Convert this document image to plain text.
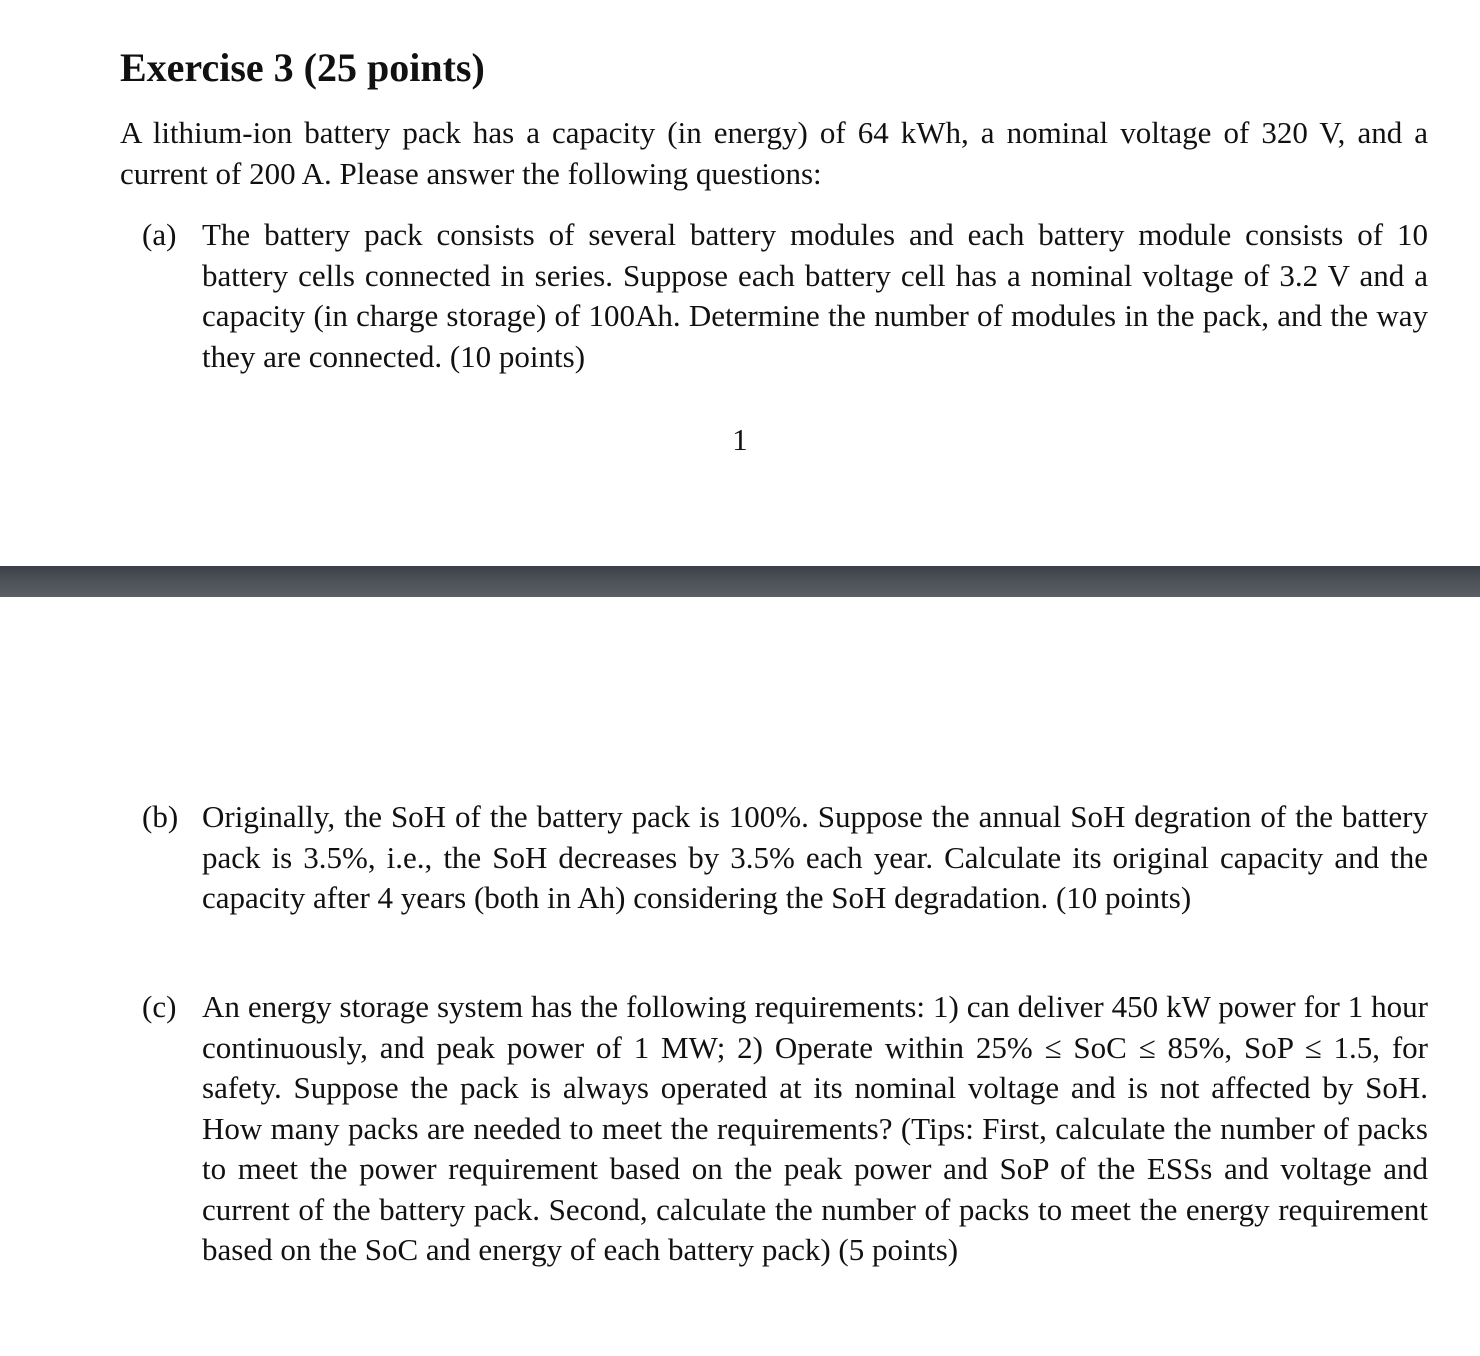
Exercise 3 (25 points)

A lithium-ion battery pack has a capacity (in energy) of 64 kWh, a nominal voltage of 320 V, and a current of 200 A. Please answer the following questions:

(a) The battery pack consists of several battery modules and each battery module consists of 10 battery cells connected in series. Suppose each battery cell has a nominal voltage of 3.2 V and a capacity (in charge storage) of 100Ah. Determine the number of modules in the pack, and the way they are connected. (10 points)
1
(b) Originally, the SoH of the battery pack is 100%. Suppose the annual SoH degration of the battery pack is 3.5%, i.e., the SoH decreases by 3.5% each year. Calculate its original capacity and the capacity after 4 years (both in Ah) considering the SoH degradation. (10 points)
(c) An energy storage system has the following requirements: 1) can deliver 450 kW power for 1 hour continuously, and peak power of 1 MW; 2) Operate within 25% ≤ SoC ≤ 85%, SoP ≤ 1.5, for safety. Suppose the pack is always operated at its nominal voltage and is not affected by SoH. How many packs are needed to meet the requirements? (Tips: First, calculate the number of packs to meet the power requirement based on the peak power and SoP of the ESSs and voltage and current of the battery pack. Second, calculate the number of packs to meet the energy requirement based on the SoC and energy of each battery pack) (5 points)
